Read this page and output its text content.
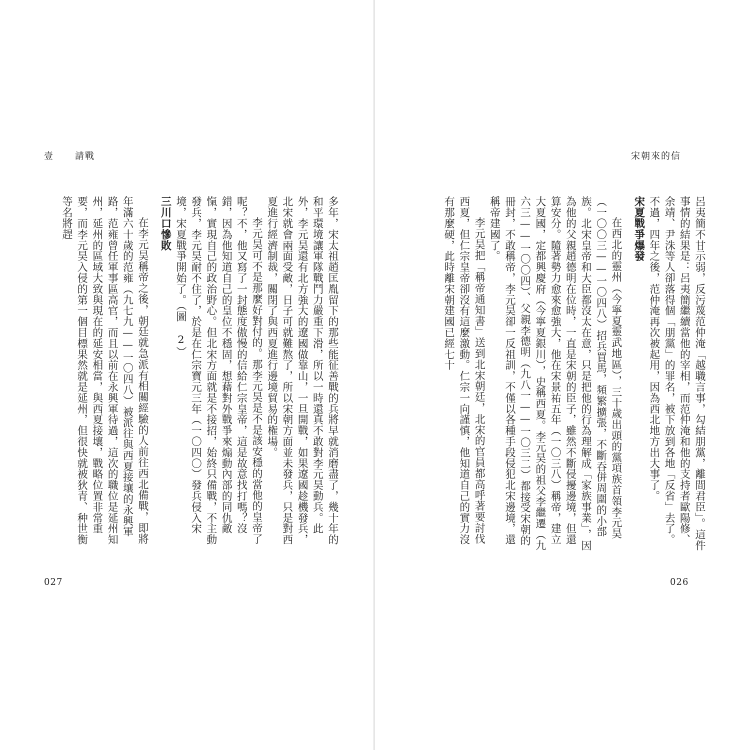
壹 請戰

多年，宋太祖趙匡胤留下的那些能征善戰的兵將早就消磨盡了，幾十年的和平環境讓軍隊戰鬥力嚴重下滑，所以一時還真不敢對李元昊動兵。此外，李元昊還有北方強大的遼國做靠山，一旦開戰，如果遼國趁機發兵，北宋就會兩面受敵，日子可就難熬了，所以宋朝方面並未發兵，只是對西夏進行經濟制裁，關閉了與西夏進行邊境貿易的権場。

李元昊可不是那麼好對付的。那李元昊是不是該安穩的當他的皇帝了呢？不，他又寫了一封態度傲慢的信給仁宗皇帝，這是故意找打嗎？沒錯，因為他知道自己的皇位不穩固，想藉對外戰爭來煽動內部的同仇敵愾，實現自己的政治野心。但北宋方面就是不接招，始終只備戰，不主動發兵，李元昊耐不住了，於是在仁宗寶元三年（一〇四〇）發兵侵入宋境，宋夏戰爭開始了。（圖 2）

三川口慘敗

在李元昊稱帝之後，朝廷就急派有相關經驗的人前往西北備戰，即將年滿六十歲的范雍（九七九——一〇四八）被派往與西夏接壤的永興軍路，范雍曾任軍事區高官，而且以前在永興軍待過，這次的職位是延州知州，延州的區域大致與現在的延安相當，與西夏接壤，戰略位置非常重要，而李元昊入侵的第一個目標果然就是延州，但很快就被狄青、种世衡等名將趕

027
宋朝來的信

呂夷簡不甘示弱，反污蔑范仲淹「越職言事，勾結朋黨，離間君臣」。這件事情的結果是：呂夷簡繼續當他的宰相，而范仲淹和他的支持者歐陽修、余靖、尹洙等人卻落得個「朋黨」的罪名，被下放到各地「反省」去了。不過，四年之後，范仲淹再次被起用，因為西北地方出大事了。

宋夏戰爭爆發

在西北的靈州（今寧夏靈武地區），三十歲出頭的黨項族首領李元昊（一〇〇三——一〇四八）招兵買馬，頻繁擴張，不斷吞併周圍的小部族。北宋皇帝和大臣都沒太在意，只是把他的行為理解成「家族事業」，因為他的父親趙德明在位時，一直是宋朝的臣子，雖然不斷侵擾邊境，但還算安分。隨著勢力愈來愈強大，他在宋景祐五年（一〇三八）稱帝，建立大夏國，定都興慶府（今寧夏銀川），史稱西夏。李元昊的祖父李繼遷（九六三——一〇〇四）、父親李德明（九八一——一〇三二）都接受宋朝的冊封，不敢稱帝，李元昊卻一反祖訓，不僅以各種手段侵犯北宋邊境，還稱帝建國了。

李元昊把「稱帝通知書」送到北宋朝廷，北宋的官員都高呼著要討伐西夏，但仁宗皇帝卻沒有這麼激動。仁宗一向謹慎，他知道自己的實力沒有那麼硬，此時離宋朝建國已經七十

026
